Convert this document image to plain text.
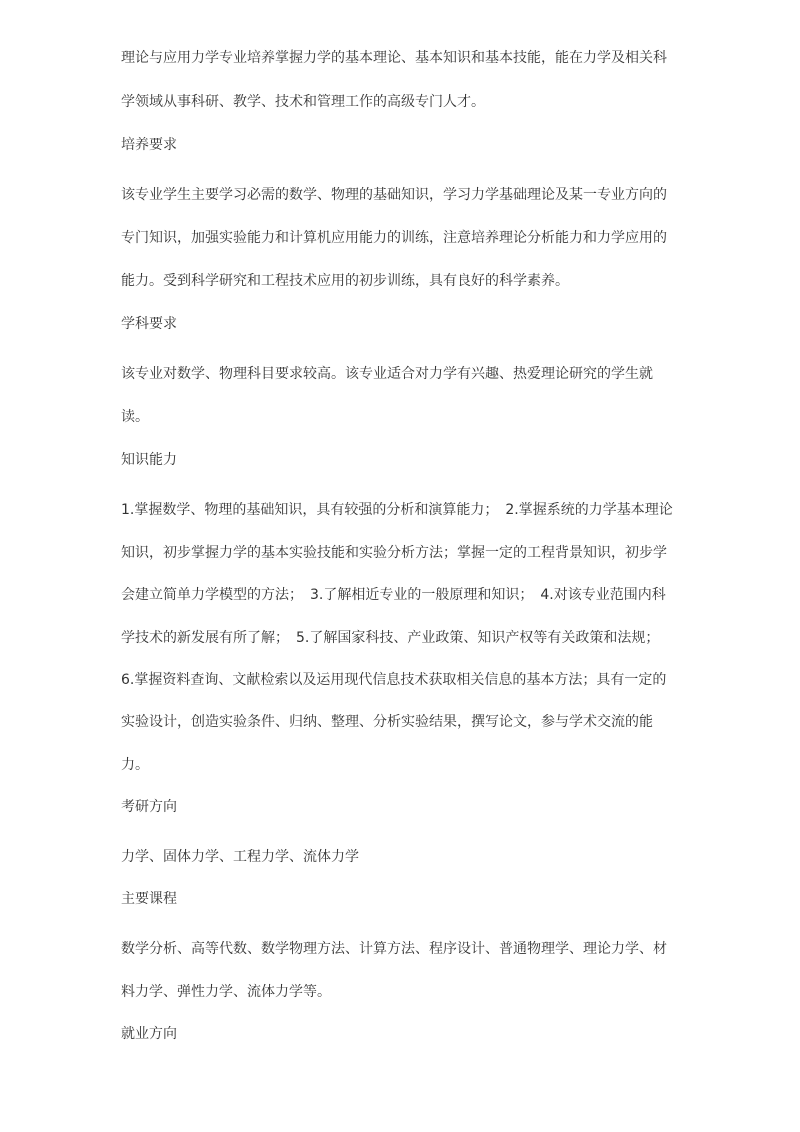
理论与应用力学专业培养掌握力学的基本理论、基本知识和基本技能，能在力学及相关科
学领域从事科研、教学、技术和管理工作的高级专门人才。
培养要求
该专业学生主要学习必需的数学、物理的基础知识，学习力学基础理论及某一专业方向的
专门知识，加强实验能力和计算机应用能力的训练，注意培养理论分析能力和力学应用的
能力。受到科学研究和工程技术应用的初步训练，具有良好的科学素养。
学科要求
该专业对数学、物理科目要求较高。该专业适合对力学有兴趣、热爱理论研究的学生就
读。
知识能力
1.掌握数学、物理的基础知识，具有较强的分析和演算能力；　2.掌握系统的力学基本理论
知识，初步掌握力学的基本实验技能和实验分析方法；掌握一定的工程背景知识，初步学
会建立简单力学模型的方法；　3.了解相近专业的一般原理和知识；　4.对该专业范围内科
学技术的新发展有所了解；　5.了解国家科技、产业政策、知识产权等有关政策和法规；
6.掌握资料查询、文献检索以及运用现代信息技术获取相关信息的基本方法；具有一定的
实验设计，创造实验条件、归纳、整理、分析实验结果，撰写论文，参与学术交流的能
力。
考研方向
力学、固体力学、工程力学、流体力学
主要课程
数学分析、高等代数、数学物理方法、计算方法、程序设计、普通物理学、理论力学、材
料力学、弹性力学、流体力学等。
就业方向
